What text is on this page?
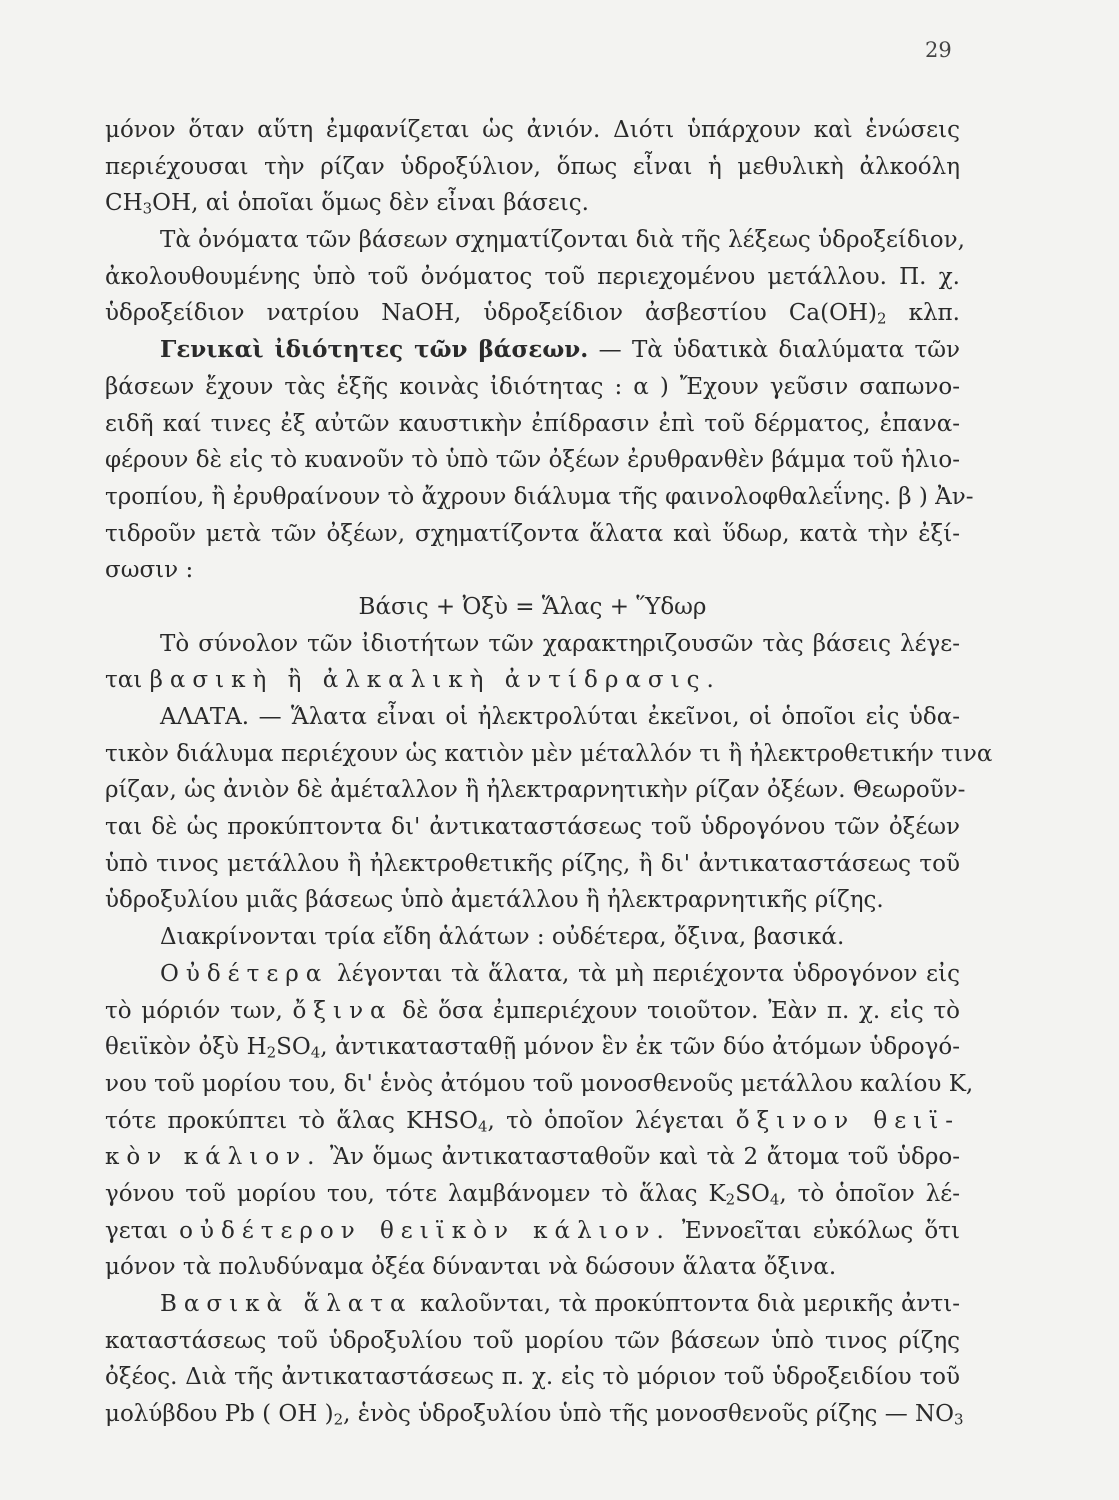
29
μόνον ὅταν αὕτη ἐμφανίζεται ὡς ἀνιόν. Διότι ὑπάρχουν καὶ ἑνώσεις
περιέχουσαι τὴν ρίζαν ὑδροξύλιον, ὅπως εἶναι ἡ μεθυλικὴ ἀλκοόλη
$CH_3OH$, αἱ ὁποῖαι ὅμως δὲν εἶναι βάσεις.
Τὰ ὀνόματα τῶν βάσεων σχηματίζονται διὰ τῆς λέξεως ὑδροξείδιον,
ἀκολουθουμένης ὑπὸ τοῦ ὀνόματος τοῦ περιεχομένου μετάλλου. Π. χ.
ὑδροξείδιον νατρίου NaOH, ὑδροξείδιον ἀσβεστίου $Ca(OH)_2$ κλπ.
Γενικαὶ ἰδιότητες τῶν βάσεων. — Τὰ ὑδατικὰ διαλύματα τῶν
βάσεων ἔχουν τὰς ἑξῆς κοινὰς ἰδιότητας : α ) Ἔχουν γεῦσιν σαπωνο-
ειδῆ καί τινες ἐξ αὐτῶν καυστικὴν ἐπίδρασιν ἐπὶ τοῦ δέρματος, ἐπανα-
φέρουν δὲ εἰς τὸ κυανοῦν τὸ ὑπὸ τῶν ὀξέων ἐρυθρανθὲν βάμμα τοῦ ἡλιο-
τροπίου, ἢ ἐρυθραίνουν τὸ ἄχρουν διάλυμα τῆς φαινολοφθαλεΐνης. β ) Ἀν-
τιδροῦν μετὰ τῶν ὀξέων, σχηματίζοντα ἅλατα καὶ ὕδωρ, κατὰ τὴν ἐξί-
σωσιν :
Βάσις + Ὀξὺ = Ἅλας + Ὕδωρ
Τὸ σύνολον τῶν ἰδιοτήτων τῶν χαρακτηριζουσῶν τὰς βάσεις λέγε-
ται βασικὴ ἢ ἀλκαλικὴ ἀντίδρασις.
ΑΛΑΤΑ. — Ἅλατα εἶναι οἱ ἠλεκτρολύται ἐκεῖνοι, οἱ ὁποῖοι εἰς ὑδα-
τικὸν διάλυμα περιέχουν ὡς κατιὸν μὲν μέταλλόν τι ἢ ἠλεκτροθετικήν τινα
ρίζαν, ὡς ἀνιὸν δὲ ἀμέταλλον ἢ ἠλεκτραρνητικὴν ρίζαν ὀξέων. Θεωροῦν-
ται δὲ ὡς προκύπτοντα δι' ἀντικαταστάσεως τοῦ ὑδρογόνου τῶν ὀξέων
ὑπὸ τινος μετάλλου ἢ ἠλεκτροθετικῆς ρίζης, ἢ δι' ἀντικαταστάσεως τοῦ
ὑδροξυλίου μιᾶς βάσεως ὑπὸ ἀμετάλλου ἢ ἠλεκτραρνητικῆς ρίζης.
Διακρίνονται τρία εἴδη ἁλάτων : οὐδέτερα, ὄξινα, βασικά.
Οὐδέτερα λέγονται τὰ ἅλατα, τὰ μὴ περιέχοντα ὑδρογόνον εἰς
τὸ μόριόν των, ὄξινα δὲ ὅσα ἐμπεριέχουν τοιοῦτον. Ἐὰν π. χ. εἰς τὸ
θειϊκὸν ὀξὺ $H_2SO_4$, ἀντικατασταθῇ μόνον ἓν ἐκ τῶν δύο ἀτόμων ὑδρογό-
νου τοῦ μορίου του, δι' ἑνὸς ἀτόμου τοῦ μονοσθενοῦς μετάλλου καλίου K,
τότε προκύπτει τὸ ἅλας $KHSO_4$, τὸ ὁποῖον λέγεται ὄξινον θειϊ-
κὸν κάλιον. Ἂν ὅμως ἀντικατασταθοῦν καὶ τὰ 2 ἄτομα τοῦ ὑδρο-
γόνου τοῦ μορίου του, τότε λαμβάνομεν τὸ ἅλας $K_2SO_4$, τὸ ὁποῖον λέ-
γεται οὐδέτερον θειϊκὸν κάλιον. Ἐννοεῖται εὐκόλως ὅτι
μόνον τὰ πολυδύναμα ὀξέα δύνανται νὰ δώσουν ἅλατα ὄξινα.
Βασικὰ ἅλατα καλοῦνται, τὰ προκύπτοντα διὰ μερικῆς ἀντι-
καταστάσεως τοῦ ὑδροξυλίου τοῦ μορίου τῶν βάσεων ὑπὸ τινος ρίζης
ὀξέος. Διὰ τῆς ἀντικαταστάσεως π. χ. εἰς τὸ μόριον τοῦ ὑδροξειδίου τοῦ
μολύβδου Pb ( OH )$_2$, ἑνὸς ὑδροξυλίου ὑπὸ τῆς μονοσθενοῦς ρίζης — $NO_3$
